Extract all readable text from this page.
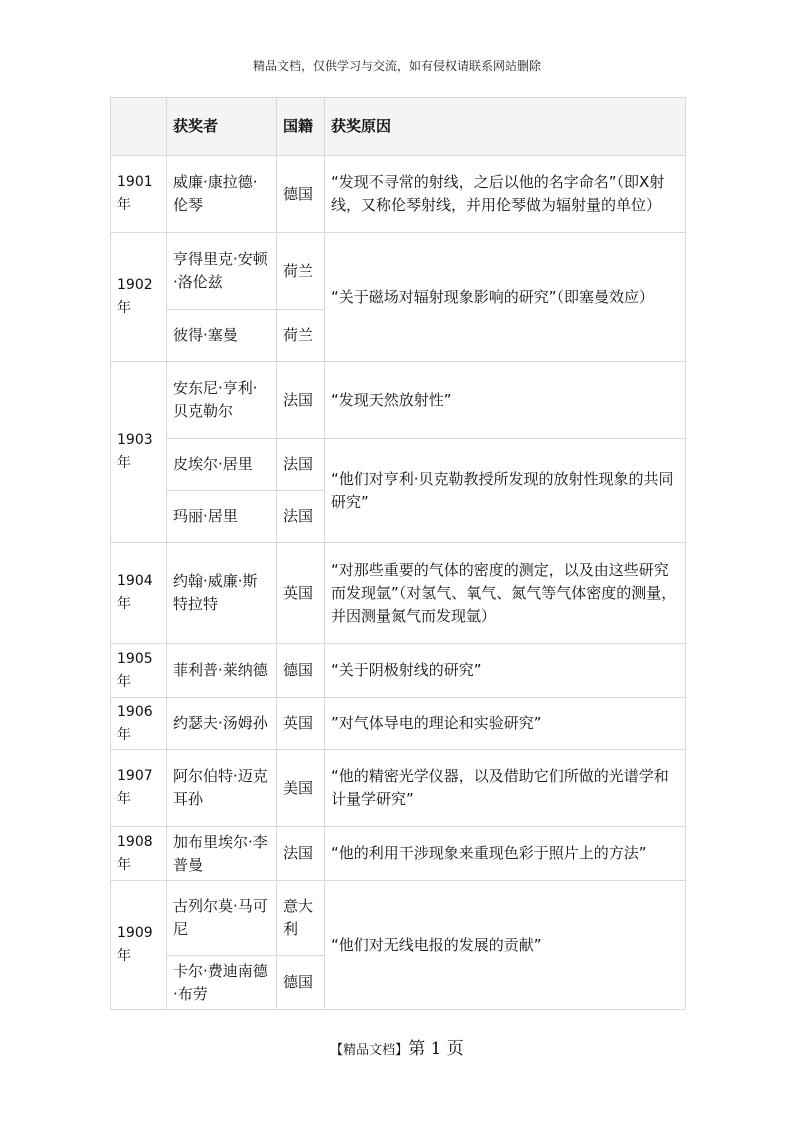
精品文档，仅供学习与交流，如有侵权请联系网站删除
	获奖者	国籍	获奖原因
1901年	威廉·康拉德·伦琴	德国	“发现不寻常的射线，之后以他的名字命名”（即X射线，又称伦琴射线，并用伦琴做为辐射量的单位）
1902年	亨得里克·安顿·洛伦兹	荷兰	“关于磁场对辐射现象影响的研究”（即塞曼效应）
	彼得·塞曼	荷兰	
1903年	安东尼·亨利·贝克勒尔	法国	“发现天然放射性”
	皮埃尔·居里	法国	“他们对亨利·贝克勒教授所发现的放射性现象的共同研究”
	玛丽·居里	法国	
1904年	约翰·威廉·斯特拉特	英国	“对那些重要的气体的密度的测定，以及由这些研究而发现氩”（对氢气、氧气、氮气等气体密度的测量，并因测量氮气而发现氩）
1905年	菲利普·莱纳德	德国	“关于阴极射线的研究”
1906年	约瑟夫·汤姆孙	英国	”对气体导电的理论和实验研究”
1907年	阿尔伯特·迈克耳孙	美国	“他的精密光学仪器，以及借助它们所做的光谱学和计量学研究”
1908年	加布里埃尔·李普曼	法国	“他的利用干涉现象来重现色彩于照片上的方法”
1909年	古列尔莫·马可尼	意大利	“他们对无线电报的发展的贡献”
	卡尔·费迪南德·布劳	德国	
【精品文档】第 1 页
